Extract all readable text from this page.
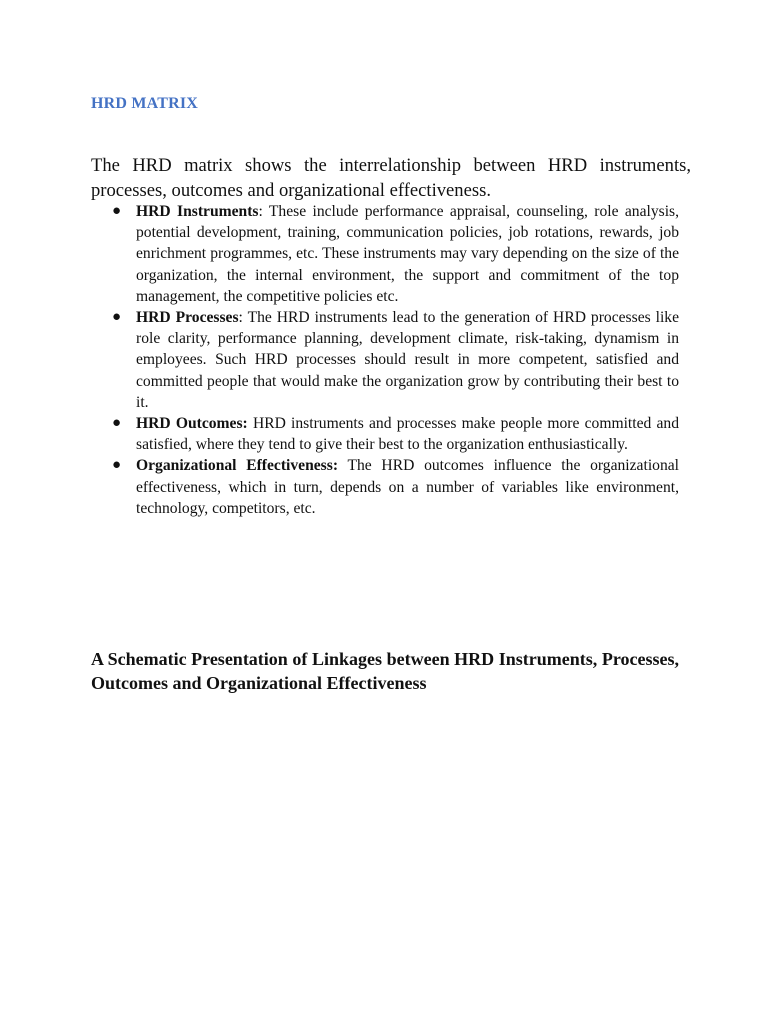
HRD MATRIX

The HRD matrix shows the interrelationship between HRD instruments, processes, outcomes and organizational effectiveness.

● HRD Instruments: These include performance appraisal, counseling, role analysis, potential development, training, communication policies, job rotations, rewards, job enrichment programmes, etc. These instruments may vary depending on the size of the organization, the internal environment, the support and commitment of the top management, the competitive policies etc.
● HRD Processes: The HRD instruments lead to the generation of HRD processes like role clarity, performance planning, development climate, risk-taking, dynamism in employees. Such HRD processes should result in more competent, satisfied and committed people that would make the organization grow by contributing their best to it.
● HRD Outcomes: HRD instruments and processes make people more committed and satisfied, where they tend to give their best to the organization enthusiastically.
● Organizational Effectiveness: The HRD outcomes influence the organizational effectiveness, which in turn, depends on a number of variables like environment, technology, competitors, etc.
A Schematic Presentation of Linkages between HRD Instruments, Processes, Outcomes and Organizational Effectiveness
